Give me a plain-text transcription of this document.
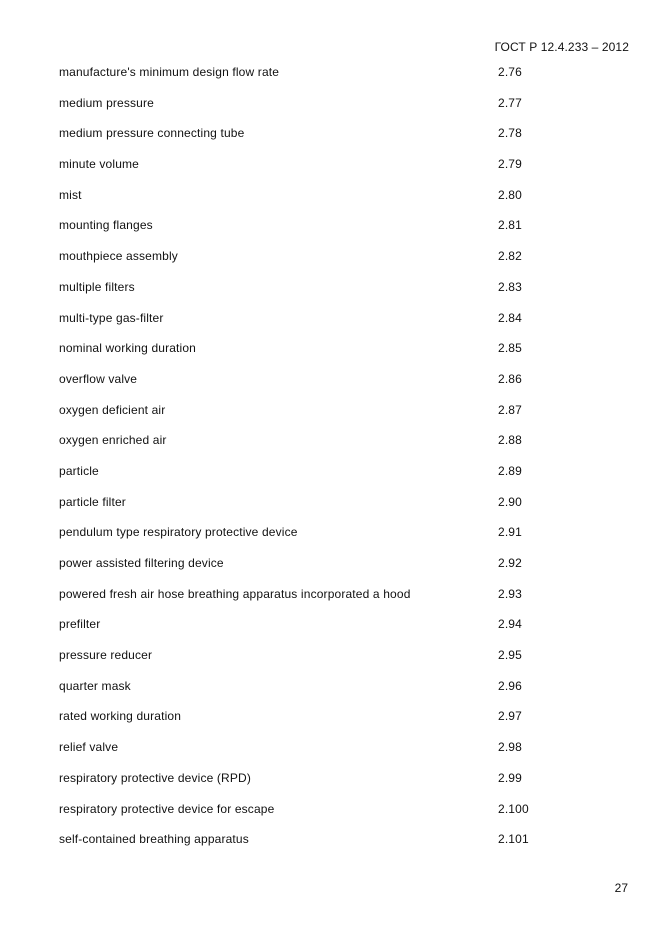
ГОСТ Р 12.4.233 – 2012
manufacture's minimum design flow rate	2.76
medium pressure	2.77
medium pressure connecting tube	2.78
minute volume	2.79
mist	2.80
mounting flanges	2.81
mouthpiece assembly	2.82
multiple filters	2.83
multi-type gas-filter	2.84
nominal working duration	2.85
overflow valve	2.86
oxygen deficient air	2.87
oxygen enriched air	2.88
particle	2.89
particle filter	2.90
pendulum type respiratory protective device	2.91
power assisted filtering device	2.92
powered fresh air hose breathing apparatus incorporated a hood	2.93
prefilter	2.94
pressure reducer	2.95
quarter mask	2.96
rated working duration	2.97
relief valve	2.98
respiratory protective device (RPD)	2.99
respiratory protective device for escape	2.100
self-contained breathing apparatus	2.101
27
